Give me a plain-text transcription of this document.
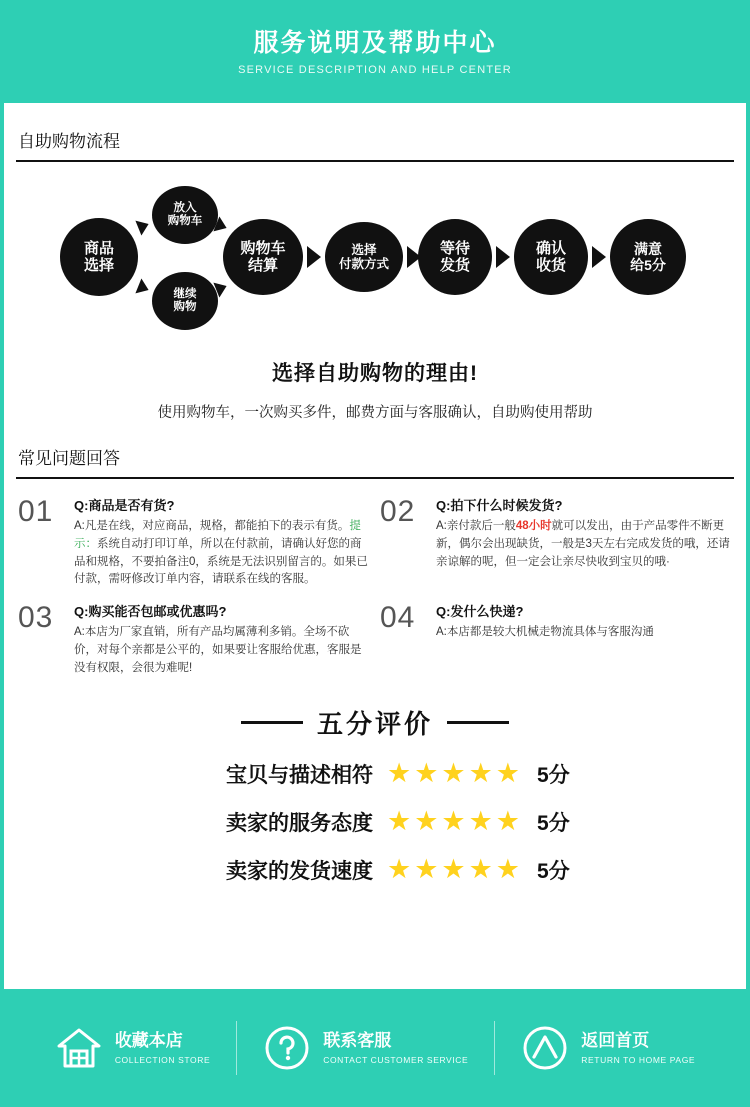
服务说明及帮助中心
SERVICE DESCRIPTION AND HELP CENTER
自助购物流程
商品
选择
放入
购物车
继续
购物
购物车
结算
选择
付款方式
等待
发货
确认
收货
满意
给5分
选择自助购物的理由!
使用购物车，一次购买多件，邮费方面与客服确认，自助购使用帮助
常见问题回答
01	Q:商品是否有货?
A:凡是在线，对应商品，规格，都能拍下的表示有货。提示：系统自动打印订单，所以在付款前，请确认好您的商品和规格，不要拍备注0，系统是无法识别留言的。如果已付款，需呀修改订单内容，请联系在线的客服。
02	Q:拍下什么时候发货?
A:亲付款后一般48小时就可以发出，由于产品零件不断更新，偶尔会出现缺货，一般是3天左右完成发货的哦，还请亲谅解的呢，但一定会让亲尽快收到宝贝的哦·
03	Q:购买能否包邮或优惠吗?
A:本店为厂家直销，所有产品均属薄利多销。全场不砍价，对每个亲都是公平的，如果要让客服给优惠，客服是没有权限，会很为难呢!
04	Q:发什么快递?
A:本店都是较大机械走物流具体与客服沟通
五分评价
宝贝与描述相符 ★★★★★ 5分
卖家的服务态度 ★★★★★ 5分
卖家的发货速度 ★★★★★ 5分
收藏本店
COLLECTION STORE
联系客服
CONTACT CUSTOMER SERVICE
返回首页
RETURN TO HOME PAGE
